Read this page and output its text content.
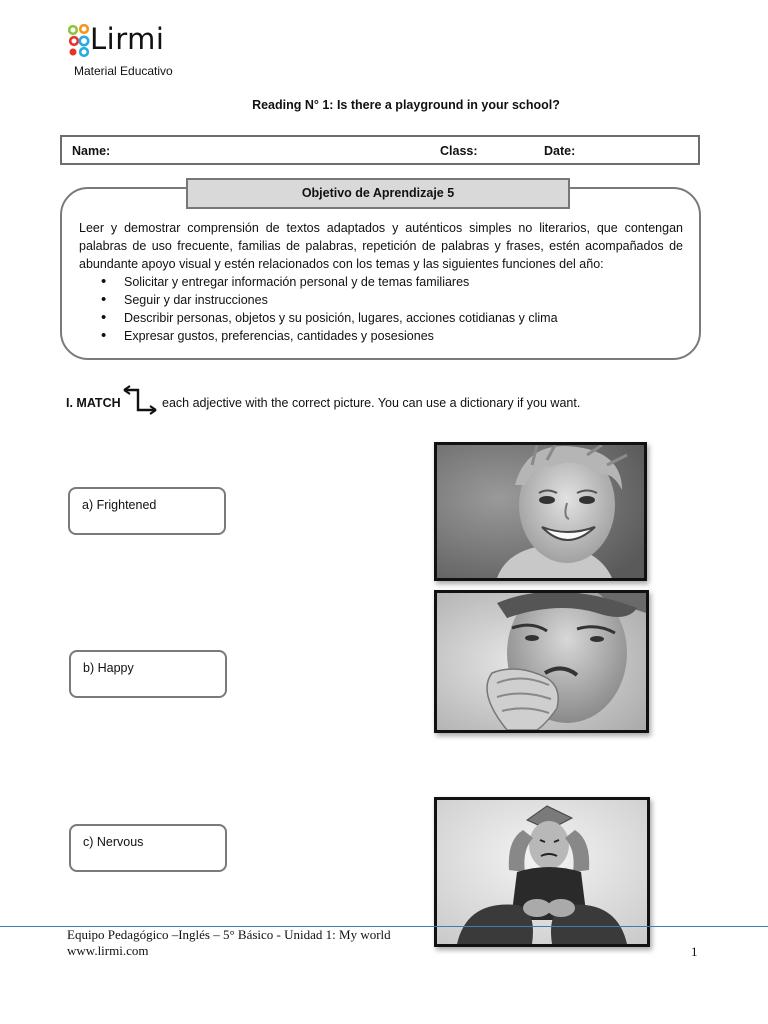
Lirmi
Material Educativo
Reading N° 1: Is there a playground in your school?
Name:	Class:	Date:
Objetivo de Aprendizaje 5
Leer y demostrar comprensión de textos adaptados y auténticos simples no literarios, que contengan palabras de uso frecuente, familias de palabras, repetición de palabras y frases, estén acompañados de abundante apoyo visual y estén relacionados con los temas y las siguientes funciones del año:
• Solicitar y entregar información personal y de temas familiares
• Seguir y dar instrucciones
• Describir personas, objetos y su posición, lugares, acciones cotidianas y clima
• Expresar gustos, preferencias, cantidades y posesiones
I. MATCH	each adjective with the correct picture. You can use a dictionary if you want.
a) Frightened
b) Happy
c) Nervous
Equipo Pedagógico –Inglés – 5° Básico - Unidad 1: My world
www.lirmi.com	1
